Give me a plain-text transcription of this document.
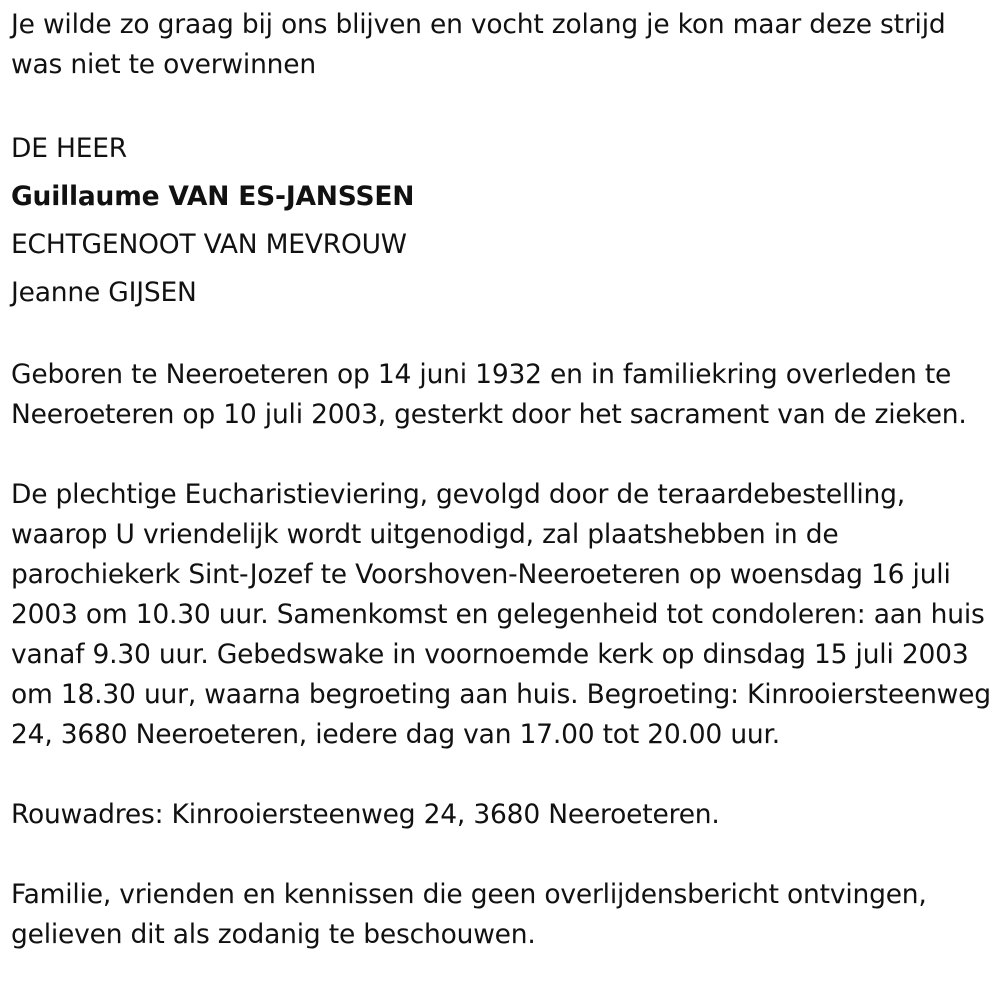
Je wilde zo graag bij ons blijven en vocht zolang je kon maar deze strijd was niet te overwinnen

DE HEER

Guillaume VAN ES-JANSSEN

ECHTGENOOT VAN MEVROUW

Jeanne GIJSEN

Geboren te Neeroeteren op 14 juni 1932 en in familiekring overleden te Neeroeteren op 10 juli 2003, gesterkt door het sacrament van de zieken.

De plechtige Eucharistieviering, gevolgd door de teraardebestelling, waarop U vriendelijk wordt uitgenodigd, zal plaatshebben in de parochiekerk Sint-Jozef te Voorshoven-Neeroeteren op woensdag 16 juli 2003 om 10.30 uur. Samenkomst en gelegenheid tot condoleren: aan huis vanaf 9.30 uur. Gebedswake in voornoemde kerk op dinsdag 15 juli 2003 om 18.30 uur, waarna begroeting aan huis. Begroeting: Kinrooiersteenweg 24, 3680 Neeroeteren, iedere dag van 17.00 tot 20.00 uur.

Rouwadres: Kinrooiersteenweg 24, 3680 Neeroeteren.

Familie, vrienden en kennissen die geen overlijdensbericht ontvingen, gelieven dit als zodanig te beschouwen.
